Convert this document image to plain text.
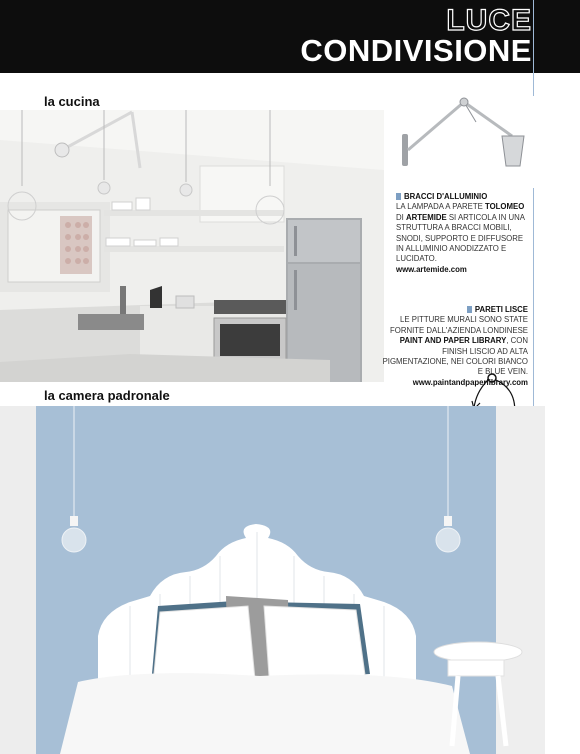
LUCE
CONDIVISIONE
la cucina
BRACCI D'ALLUMINIO
LA LAMPADA A PARETE TOLOMEO DI ARTEMIDE SI ARTICOLA IN UNA STRUTTURA A BRACCI MOBILI, SNODI, SUPPORTO E DIFFUSORE IN ALLUMINIO ANODIZZATO E LUCIDATO.
www.artemide.com
PARETI LISCE
LE PITTURE MURALI SONO STATE FORNITE DALL'AZIENDA LONDINESE PAINT AND PAPER LIBRARY, CON FINISH LISCIO AD ALTA PIGMENTAZIONE, NEI COLORI BIANCO E BLUE VEIN.
www.paintandpaperlibrary.com
la camera padronale
